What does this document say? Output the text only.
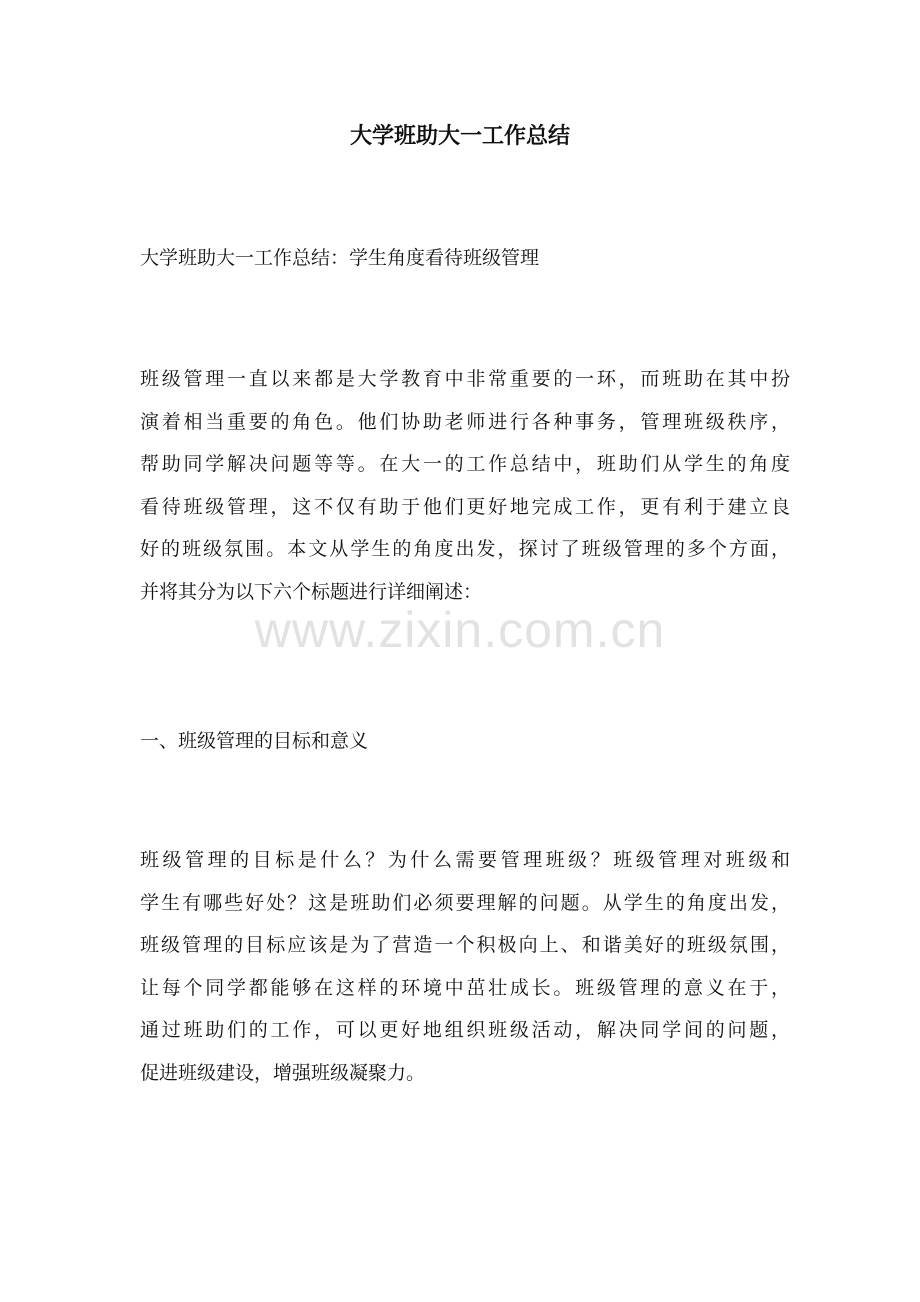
大学班助大一工作总结

大学班助大一工作总结：学生角度看待班级管理

班级管理一直以来都是大学教育中非常重要的一环，而班助在其中扮
演着相当重要的角色。他们协助老师进行各种事务，管理班级秩序，
帮助同学解决问题等等。在大一的工作总结中，班助们从学生的角度
看待班级管理，这不仅有助于他们更好地完成工作，更有利于建立良
好的班级氛围。本文从学生的角度出发，探讨了班级管理的多个方面，
并将其分为以下六个标题进行详细阐述：

一、班级管理的目标和意义

班级管理的目标是什么？为什么需要管理班级？班级管理对班级和
学生有哪些好处？这是班助们必须要理解的问题。从学生的角度出发，
班级管理的目标应该是为了营造一个积极向上、和谐美好的班级氛围，
让每个同学都能够在这样的环境中茁壮成长。班级管理的意义在于，
通过班助们的工作，可以更好地组织班级活动，解决同学间的问题，
促进班级建设，增强班级凝聚力。
www.zixin.com.cn
